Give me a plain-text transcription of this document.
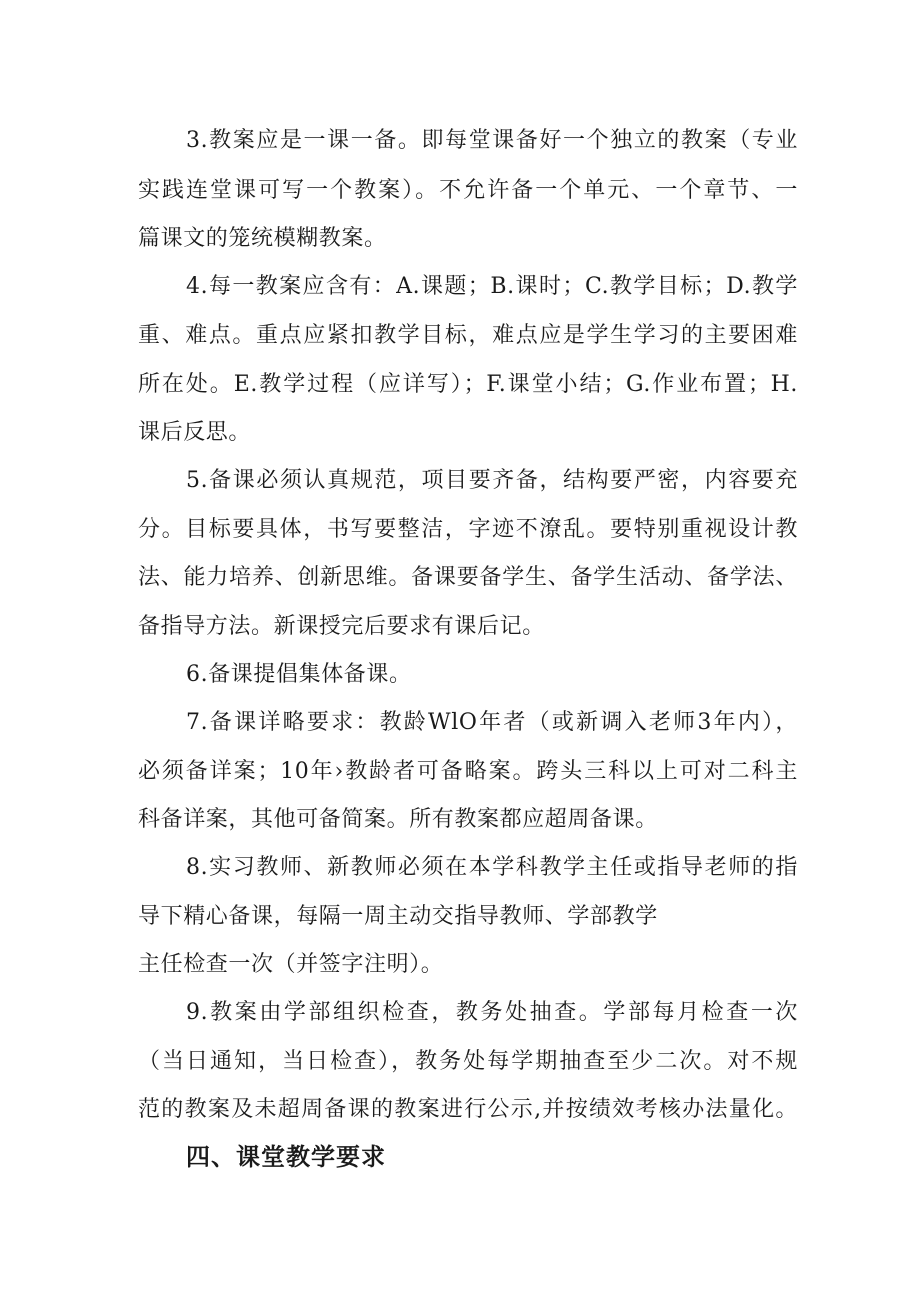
3.教案应是一课一备。即每堂课备好一个独立的教案（专业
实践连堂课可写一个教案）。不允许备一个单元、一个章节、一
篇课文的笼统模糊教案。
4.每一教案应含有：A.课题；B.课时；C.教学目标；D.教学
重、难点。重点应紧扣教学目标，难点应是学生学习的主要困难
所在处。E.教学过程（应详写）；F.课堂小结；G.作业布置；H.
课后反思。
5.备课必须认真规范，项目要齐备，结构要严密，内容要充
分。目标要具体，书写要整洁，字迹不潦乱。要特别重视设计教
法、能力培养、创新思维。备课要备学生、备学生活动、备学法、
备指导方法。新课授完后要求有课后记。
6.备课提倡集体备课。
7.备课详略要求：教龄WlO年者（或新调入老师3年内），
必须备详案；10年›教龄者可备略案。跨头三科以上可对二科主
科备详案，其他可备简案。所有教案都应超周备课。
8.实习教师、新教师必须在本学科教学主任或指导老师的指
导下精心备课，每隔一周主动交指导教师、学部教学
主任检查一次（并签字注明）。
9.教案由学部组织检查，教务处抽查。学部每月检查一次
（当日通知，当日检查），教务处每学期抽查至少二次。对不规
范的教案及未超周备课的教案进行公示,并按绩效考核办法量化。
四、课堂教学要求
